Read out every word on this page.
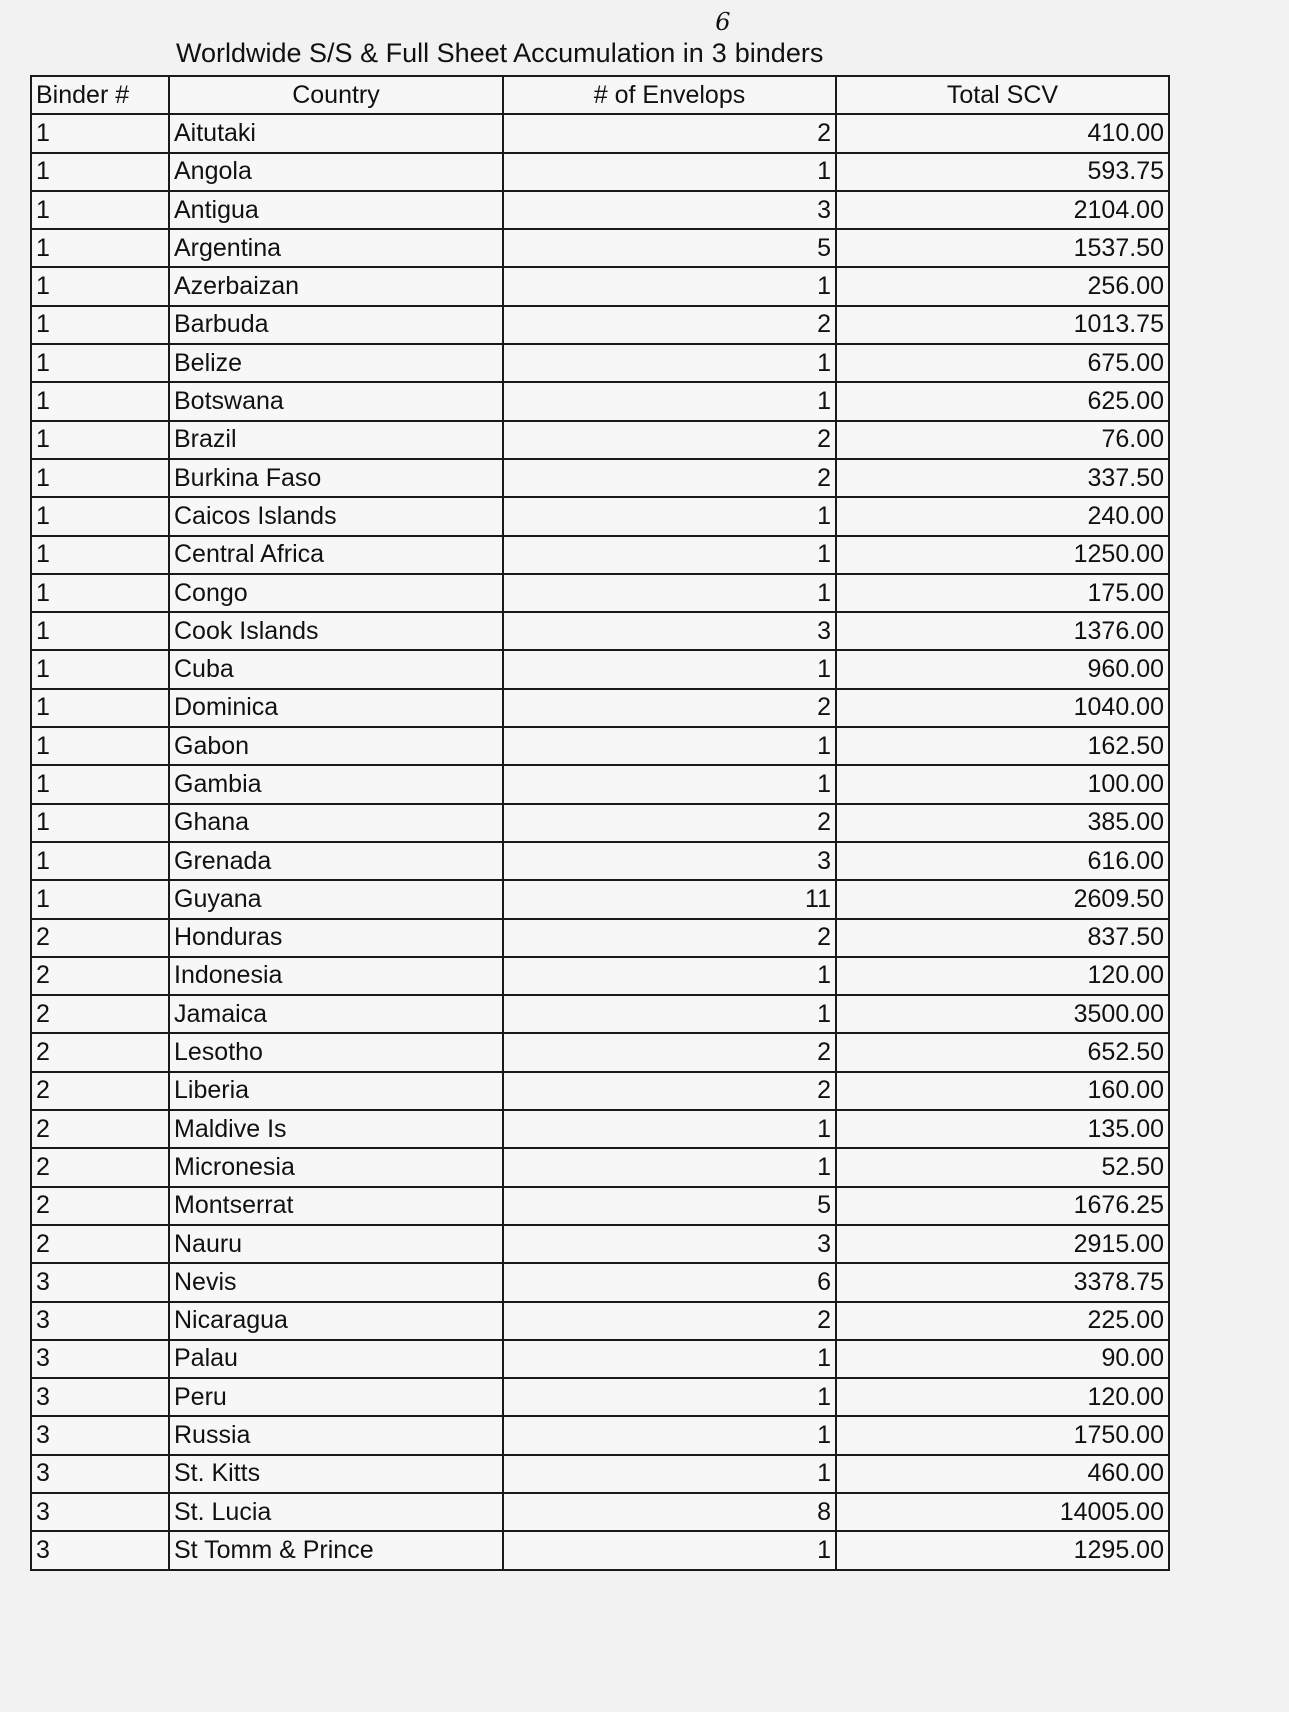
Worldwide S/S & Full Sheet Accumulation in 3
6
binders
Binder #	Country	# of Envelops	Total SCV
1	Aitutaki	2	410.00
1	Angola	1	593.75
1	Antigua	3	2104.00
1	Argentina	5	1537.50
1	Azerbaizan	1	256.00
1	Barbuda	2	1013.75
1	Belize	1	675.00
1	Botswana	1	625.00
1	Brazil	2	76.00
1	Burkina Faso	2	337.50
1	Caicos Islands	1	240.00
1	Central Africa	1	1250.00
1	Congo	1	175.00
1	Cook Islands	3	1376.00
1	Cuba	1	960.00
1	Dominica	2	1040.00
1	Gabon	1	162.50
1	Gambia	1	100.00
1	Ghana	2	385.00
1	Grenada	3	616.00
1	Guyana	11	2609.50
2	Honduras	2	837.50
2	Indonesia	1	120.00
2	Jamaica	1	3500.00
2	Lesotho	2	652.50
2	Liberia	2	160.00
2	Maldive Is	1	135.00
2	Micronesia	1	52.50
2	Montserrat	5	1676.25
2	Nauru	3	2915.00
3	Nevis	6	3378.75
3	Nicaragua	2	225.00
3	Palau	1	90.00
3	Peru	1	120.00
3	Russia	1	1750.00
3	St. Kitts	1	460.00
3	St. Lucia	8	14005.00
3	St Tomm & Prince	1	1295.00
